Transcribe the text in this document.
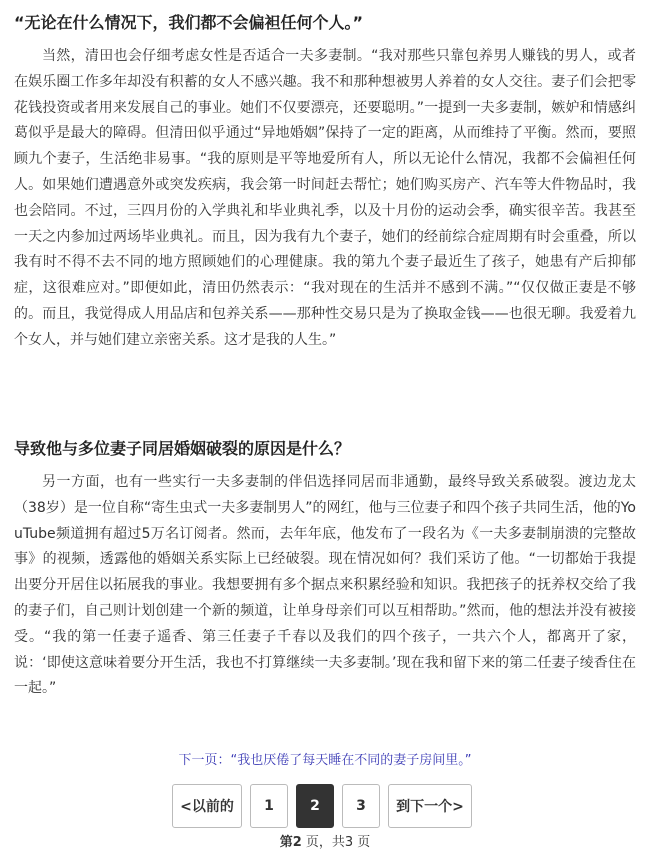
“无论在什么情况下，我们都不会偏袒任何个人。”

当然，清田也会仔细考虑女性是否适合一夫多妻制。“我对那些只靠包养男人赚钱的男人，或者在娱乐圈工作多年却没有积蓄的女人不感兴趣。我不和那种想被男人养着的女人交往。妻子们会把零花钱投资或者用来发展自己的事业。她们不仅要漂亮，还要聪明。”一提到一夫多妻制，嫉妒和情感纠葛似乎是最大的障碍。但清田似乎通过“异地婚姻”保持了一定的距离，从而维持了平衡。然而，要照顾九个妻子，生活绝非易事。“我的原则是平等地爱所有人，所以无论什么情况，我都不会偏袒任何人。如果她们遭遇意外或突发疾病，我会第一时间赶去帮忙；她们购买房产、汽车等大件物品时，我也会陪同。不过，三四月份的入学典礼和毕业典礼季，以及十月份的运动会季，确实很辛苦。我甚至一天之内参加过两场毕业典礼。而且，因为我有九个妻子，她们的经前综合症周期有时会重叠，所以我有时不得不去不同的地方照顾她们的心理健康。我的第九个妻子最近生了孩子，她患有产后抑郁症，这很难应对。”即便如此，清田仍然表示：“我对现在的生活并不感到不满。”“仅仅做正妻是不够的。而且，我觉得成人用品店和包养关系——那种性交易只是为了换取金钱——也很无聊。我爱着九个女人，并与她们建立亲密关系。这才是我的人生。”

导致他与多位妻子同居婚姻破裂的原因是什么？

另一方面，也有一些实行一夫多妻制的伴侣选择同居而非通勤，最终导致关系破裂。渡边龙太（38岁）是一位自称“寄生虫式一夫多妻制男人”的网红，他与三位妻子和四个孩子共同生活，他的YouTube频道拥有超过5万名订阅者。然而，去年年底，他发布了一段名为《一夫多妻制崩溃的完整故事》的视频，透露他的婚姻关系实际上已经破裂。现在情况如何？我们采访了他。“一切都始于我提出要分开居住以拓展我的事业。我想要拥有多个据点来积累经验和知识。我把孩子的抚养权交给了我的妻子们，自己则计划创建一个新的频道，让单身母亲们可以互相帮助。”然而，他的想法并没有被接受。“我的第一任妻子遥香、第三任妻子千春以及我们的四个孩子，一共六个人，都离开了家，说：‘即使这意味着要分开生活，我也不打算继续一夫多妻制。’现在我和留下来的第二任妻子绫香住在一起。”

下一页：“我也厌倦了每天睡在不同的妻子房间里。”
<以前的	1	2	3	到下一个>
第2 页，共3 页
